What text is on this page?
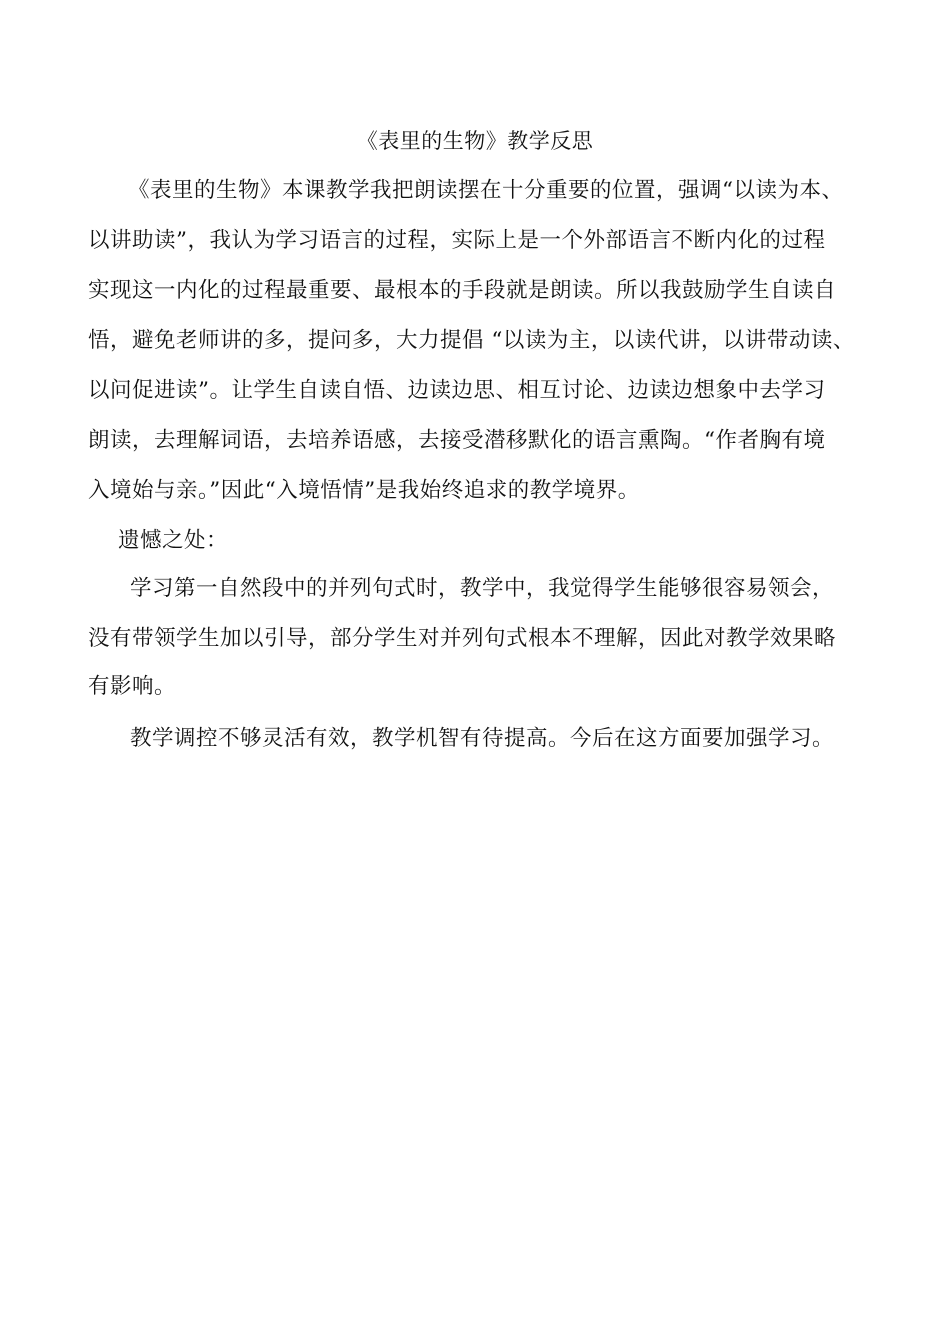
《表里的生物》教学反思
《表里的生物》本课教学我把朗读摆在十分重要的位置，强调“以读为本、
以讲助读”，我认为学习语言的过程，实际上是一个外部语言不断内化的过程
实现这一内化的过程最重要、最根本的手段就是朗读。所以我鼓励学生自读自
悟，避免老师讲的多，提问多，大力提倡 “以读为主，以读代讲，以讲带动读、
以问促进读”。让学生自读自悟、边读边思、相互讨论、边读边想象中去学习
朗读，去理解词语，去培养语感，去接受潜移默化的语言熏陶。“作者胸有境
入境始与亲。”因此“入境悟情”是我始终追求的教学境界。
遗憾之处：
学习第一自然段中的并列句式时，教学中，我觉得学生能够很容易领会，
没有带领学生加以引导，部分学生对并列句式根本不理解，因此对教学效果略
有影响。
教学调控不够灵活有效，教学机智有待提高。今后在这方面要加强学习。
